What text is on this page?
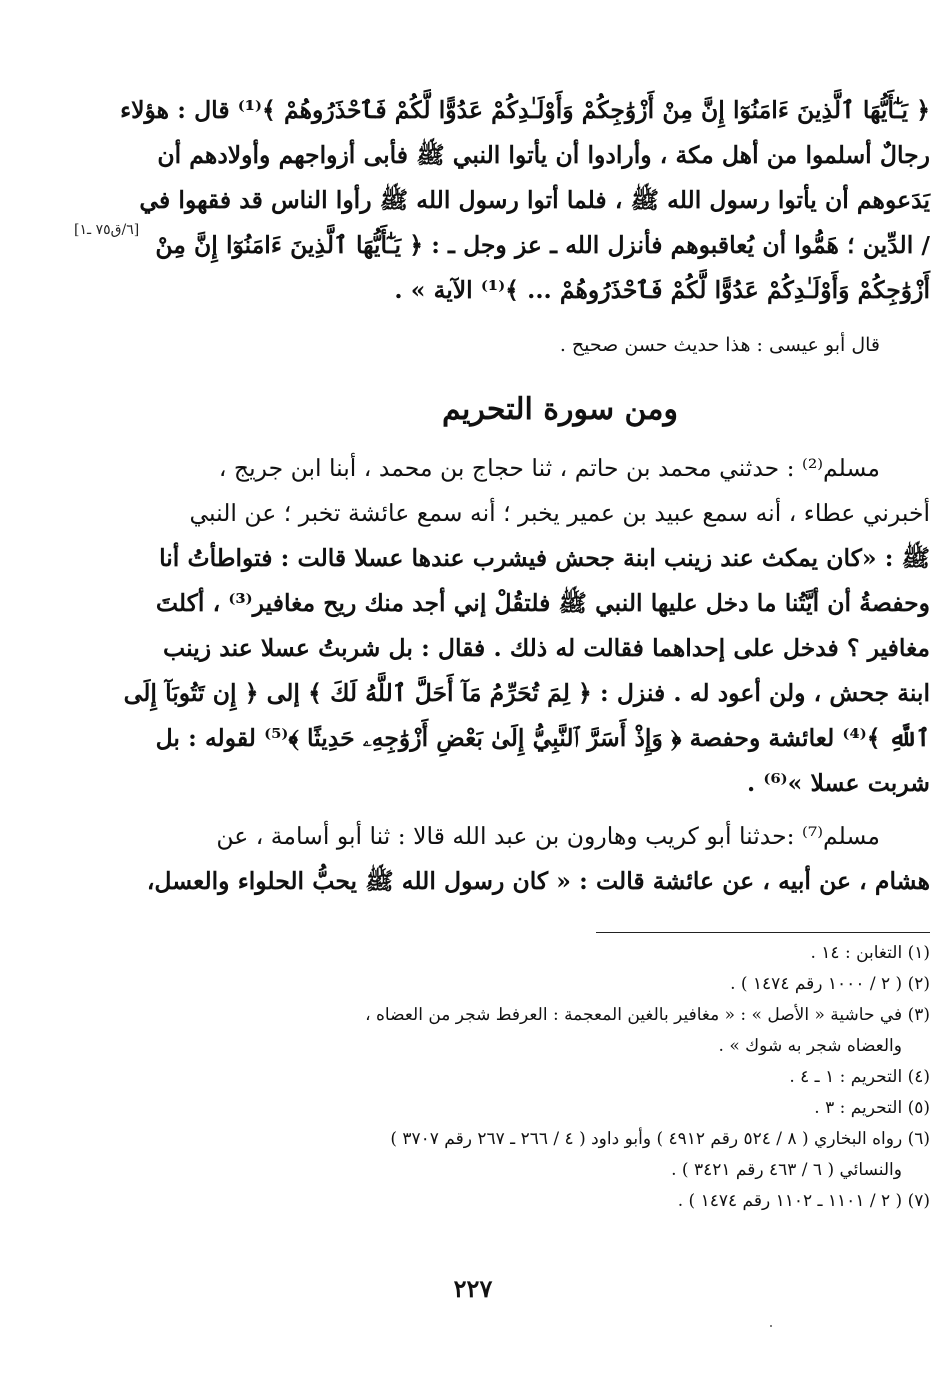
﴿ يَـٰٓأَيُّهَا ٱلَّذِينَ ءَامَنُوٓا إِنَّ مِنْ أَزْوَٰجِكُمْ وَأَوْلَـٰدِكُمْ عَدُوًّا لَّكُمْ فَٱحْذَرُوهُمْ ﴾⁽¹⁾ قال : هؤلاء
رجالٌ أسلموا من أهل مكة ، وأرادوا أن يأتوا النبي ﷺ فأبى أزواجهم وأولادهم أن
يَدَعوهم أن يأتوا رسول الله ﷺ ، فلما أتوا رسول الله ﷺ رأوا الناس قد فقهوا في
/ الدِّين ؛ هَمُّوا أن يُعاقبوهم فأنزل الله ـ عز وجل ـ : ﴿ يَـٰٓأَيُّهَا ٱلَّذِينَ ءَامَنُوٓا إِنَّ مِنْ
أَزْوَٰجِكُمْ وَأَوْلَـٰدِكُمْ عَدُوًّا لَّكُمْ فَٱحْذَرُوهُمْ ... ﴾⁽¹⁾ الآية » .

قال أبو عيسى : هذا حديث حسن صحيح .

ومن سورة التحريم
مسلم⁽²⁾ : حدثني محمد بن حاتم ، ثنا حجاج بن محمد ، أبنا ابن جريج ،
أخبرني عطاء ، أنه سمع عبيد بن عمير يخبر ؛ أنه سمع عائشة تخبر ؛ عن النبي
ﷺ : «كان يمكث عند زينب ابنة جحش فيشرب عندها عسلا قالت : فتواطأتُ أنا
وحفصةُ أن أيَّتُنا ما دخل عليها النبي ﷺ فلتقُلْ إني أجد منك ريح مغافير⁽³⁾ ، أكلتَ
مغافير ؟ فدخل على إحداهما فقالت له ذلك . فقال : بل شربتُ عسلا عند زينب
ابنة جحش ، ولن أعود له . فنزل : ﴿ لِمَ تُحَرِّمُ مَآ أَحَلَّ ٱللَّهُ لَكَ ﴾ إلى ﴿ إِن تَتُوبَآ إِلَى
ٱللَّهِ ﴾⁽⁴⁾ لعائشة وحفصة ﴿ وَإِذْ أَسَرَّ ٱلنَّبِيُّ إِلَىٰ بَعْضِ أَزْوَٰجِهِۦ حَدِيثًا ﴾⁽⁵⁾ لقوله : بل
شربت عسلا »⁽⁶⁾ .
مسلم⁽⁷⁾ :حدثنا أبو كريب وهارون بن عبد الله قالا : ثنا أبو أسامة ، عن
هشام ، عن أبيه ، عن عائشة قالت : « كان رسول الله ﷺ يحبُّ الحلواء والعسل،
[٦/ق٧٥ ـ١]

(١) التغابن : ١٤ .

(٢) ( ٢ / ١٠٠٠ رقم ١٤٧٤ ) .

(٣) في حاشية « الأصل » : « مغافير بالغين المعجمة : العرفط شجر من العضاه ،

والعضاه شجر به شوك » .

(٤) التحريم : ١ ـ ٤ .

(٥) التحريم : ٣ .

(٦) رواه البخاري ( ٨ / ٥٢٤ رقم ٤٩١٢ ) وأبو داود ( ٤ / ٢٦٦ ـ ٢٦٧ رقم ٣٧٠٧ )

والنسائي ( ٦ / ٤٦٣ رقم ٣٤٢١ ) .

(٧) ( ٢ / ١١٠١ ـ ١١٠٢ رقم ١٤٧٤ ) .

٢٢٧
